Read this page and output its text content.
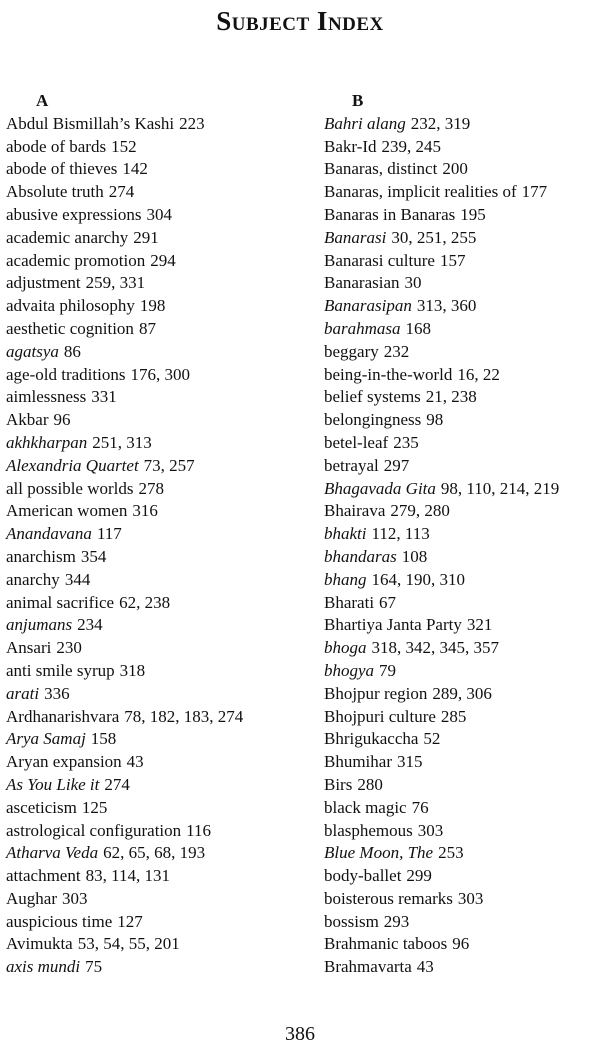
Subject Index
A
Abdul Bismillah’s Kashi 223
abode of bards 152
abode of thieves 142
Absolute truth 274
abusive expressions 304
academic anarchy 291
academic promotion 294
adjustment 259, 331
advaita philosophy 198
aesthetic cognition 87
agatsya 86
age-old traditions 176, 300
aimlessness 331
Akbar 96
akhkharpan 251, 313
Alexandria Quartet 73, 257
all possible worlds 278
American women 316
Anandavana 117
anarchism 354
anarchy 344
animal sacrifice 62, 238
anjumans 234
Ansari 230
anti smile syrup 318
arati 336
Ardhanarishvara 78, 182, 183, 274
Arya Samaj 158
Aryan expansion 43
As You Like it 274
asceticism 125
astrological configuration 116
Atharva Veda 62, 65, 68, 193
attachment 83, 114, 131
Aughar 303
auspicious time 127
Avimukta 53, 54, 55, 201
axis mundi 75
B
Bahri alang 232, 319
Bakr-Id 239, 245
Banaras, distinct 200
Banaras, implicit realities of 177
Banaras in Banaras 195
Banarasi 30, 251, 255
Banarasi culture 157
Banarasian 30
Banarasipan 313, 360
barahmasa 168
beggary 232
being-in-the-world 16, 22
belief systems 21, 238
belongingness 98
betel-leaf 235
betrayal 297
Bhagavada Gita 98, 110, 214, 219
Bhairava 279, 280
bhakti 112, 113
bhandaras 108
bhang 164, 190, 310
Bharati 67
Bhartiya Janta Party 321
bhoga 318, 342, 345, 357
bhogya 79
Bhojpur region 289, 306
Bhojpuri culture 285
Bhrigukaccha 52
Bhumihar 315
Birs 280
black magic 76
blasphemous 303
Blue Moon, The 253
body-ballet 299
boisterous remarks 303
bossism 293
Brahmanic taboos 96
Brahmavarta 43
386
